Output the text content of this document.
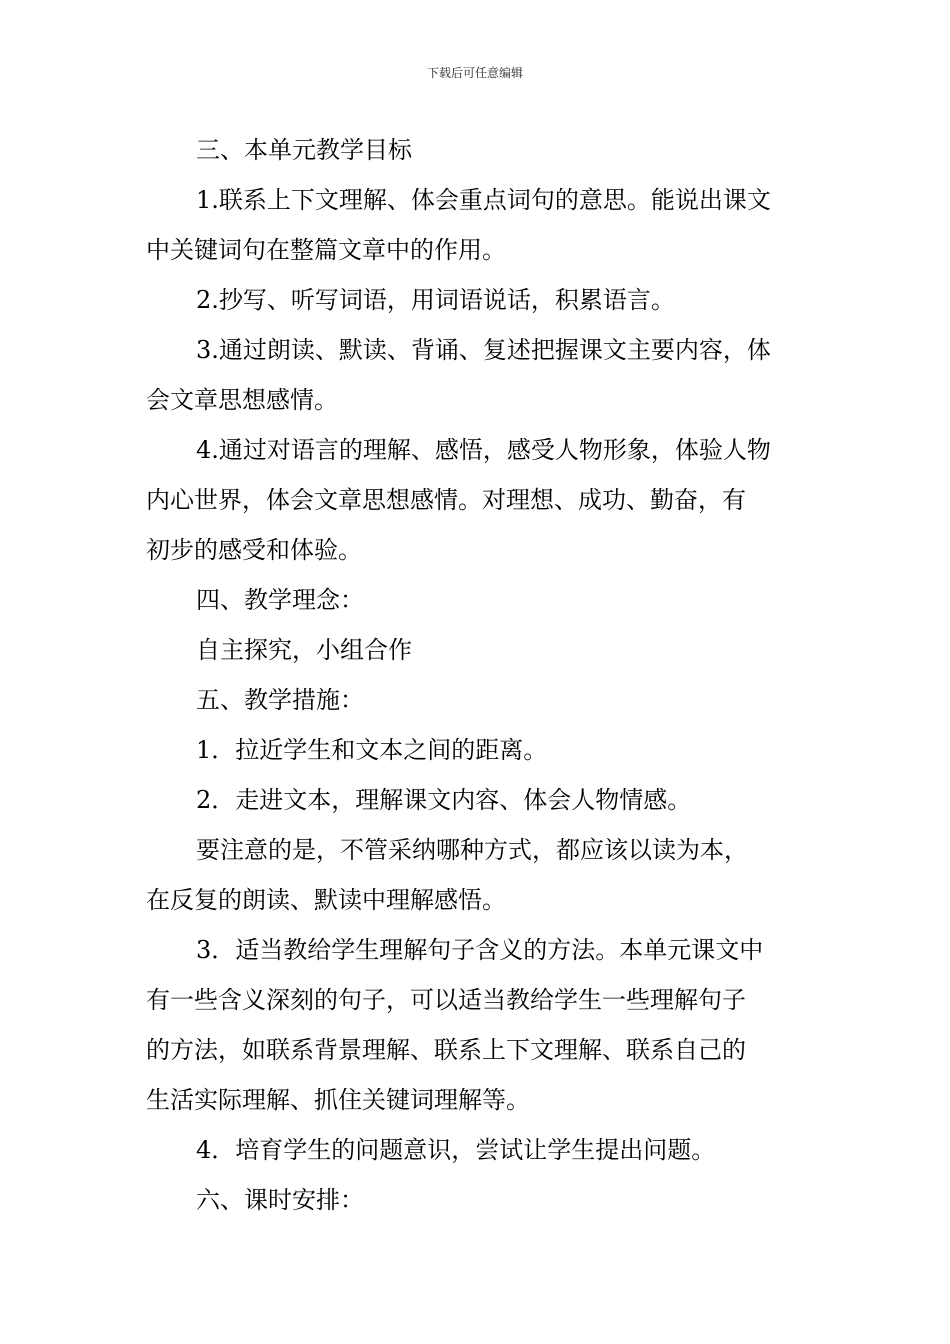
下载后可任意编辑

三、本单元教学目标

1.联系上下文理解、体会重点词句的意思。能说出课文

中关键词句在整篇文章中的作用。

2.抄写、听写词语，用词语说话，积累语言。

3.通过朗读、默读、背诵、复述把握课文主要内容，体

会文章思想感情。

4.通过对语言的理解、感悟，感受人物形象，体验人物

内心世界，体会文章思想感情。对理想、成功、勤奋，有

初步的感受和体验。

四、教学理念：

自主探究，小组合作

五、教学措施：

1．拉近学生和文本之间的距离。

2．走进文本，理解课文内容、体会人物情感。

要注意的是，不管采纳哪种方式，都应该以读为本，

在反复的朗读、默读中理解感悟。

3．适当教给学生理解句子含义的方法。本单元课文中

有一些含义深刻的句子，可以适当教给学生一些理解句子

的方法，如联系背景理解、联系上下文理解、联系自己的

生活实际理解、抓住关键词理解等。

4．培育学生的问题意识，尝试让学生提出问题。

六、课时安排：
